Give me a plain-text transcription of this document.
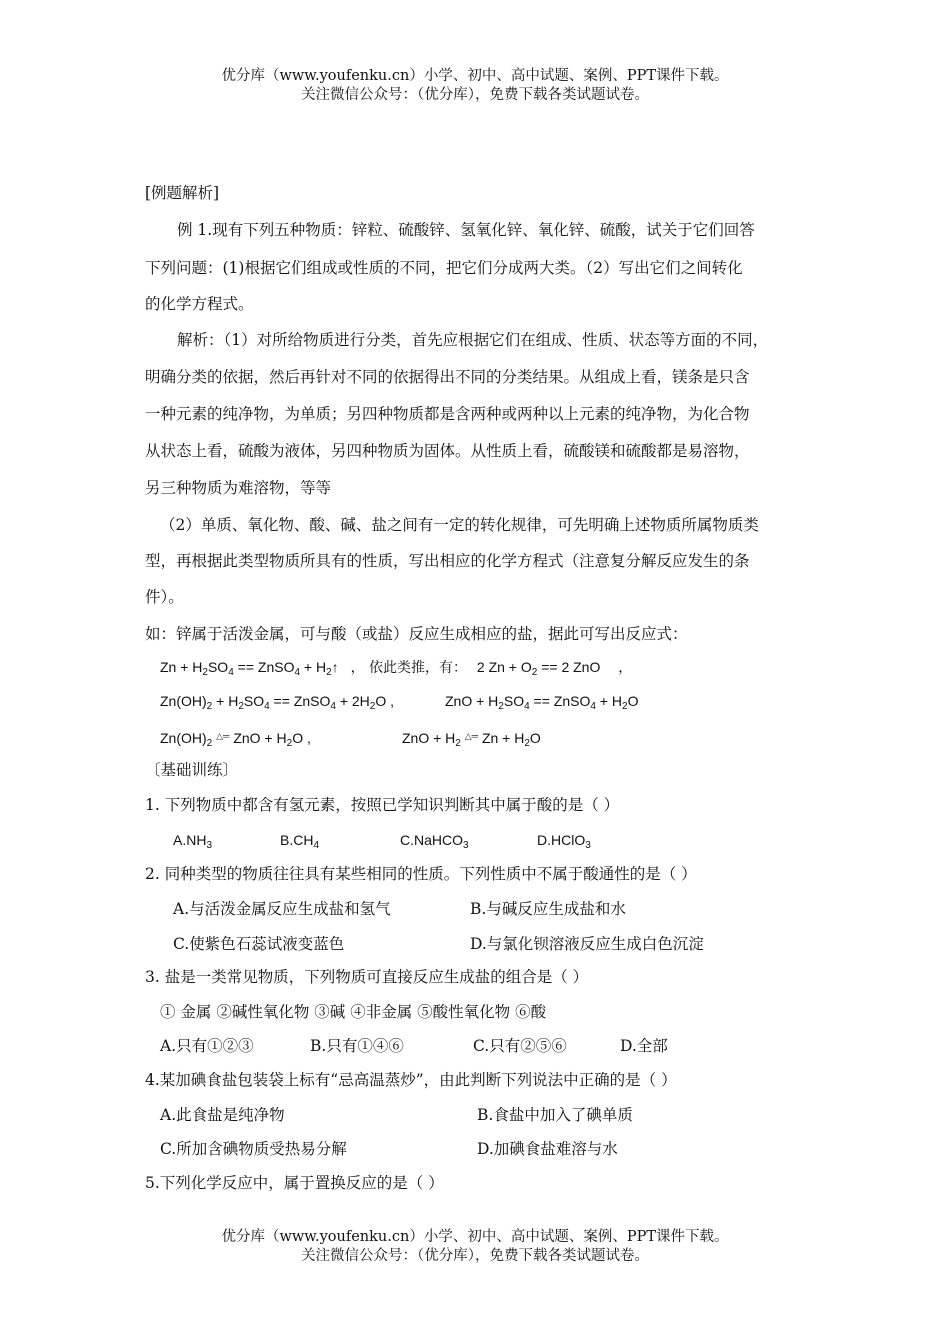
优分库（www.youfenku.cn）小学、初中、高中试题、案例、PPT课件下载。
关注微信公众号：（优分库），免费下载各类试题试卷。
[例题解析]
例 1.现有下列五种物质：锌粒、硫酸锌、氢氧化锌、氧化锌、硫酸，试关于它们回答
下列问题：(1)根据它们组成或性质的不同，把它们分成两大类。（2）写出它们之间转化
的化学方程式。
解析：（1）对所给物质进行分类，首先应根据它们在组成、性质、状态等方面的不同，
明确分类的依据，然后再针对不同的依据得出不同的分类结果。从组成上看，镁条是只含
一种元素的纯净物，为单质；另四种物质都是含两种或两种以上元素的纯净物，为化合物
从状态上看，硫酸为液体，另四种物质为固体。从性质上看，硫酸镁和硫酸都是易溶物，
另三种物质为难溶物，等等
（2）单质、氧化物、酸、碱、盐之间有一定的转化规律，可先明确上述物质所属物质类
型，再根据此类型物质所具有的性质，写出相应的化学方程式（注意复分解反应发生的条
件）。
如：锌属于活泼金属，可与酸（或盐）反应生成相应的盐，据此可写出反应式：
$Zn + H_2SO_4$ == ZnSO$_4$ + $H_2↑$ ， 依此类推，有： 2 $Zn + O_2 == 2$ ZnO ，
$Zn(OH)_2 + H_2SO_4$ == ZnSO$_4$ + $2H_2O$ ,	ZnO + $H_2SO_4$ == ZnSO$_4$ + $H_2O$
$Zn(OH)_2$ △═ ZnO + $H_2O$ ,	ZnO + $H_2$ △═ $Zn + H_2O$
〔基础训练〕
1. 下列物质中都含有氢元素，按照已学知识判断其中属于酸的是（ ）
$A.NH_3$	$B.CH_4$	C.NaHCO$_3$	D.HClO$_3$
2. 同种类型的物质往往具有某些相同的性质。下列性质中不属于酸通性的是（ ）
A.与活泼金属反应生成盐和氢气	B.与碱反应生成盐和水
C.使紫色石蕊试液变蓝色	D.与氯化钡溶液反应生成白色沉淀
3. 盐是一类常见物质，下列物质可直接反应生成盐的组合是（ ）
① 金属 ②碱性氧化物 ③碱 ④非金属 ⑤酸性氧化物 ⑥酸
A.只有①②③	B.只有①④⑥	C.只有②⑤⑥	D.全部
4.某加碘食盐包装袋上标有“忌高温蒸炒”，由此判断下列说法中正确的是（ ）
A.此食盐是纯净物	B.食盐中加入了碘单质
C.所加含碘物质受热易分解	D.加碘食盐难溶与水
5.下列化学反应中，属于置换反应的是（ ）
优分库（www.youfenku.cn）小学、初中、高中试题、案例、PPT课件下载。
关注微信公众号：（优分库），免费下载各类试题试卷。
